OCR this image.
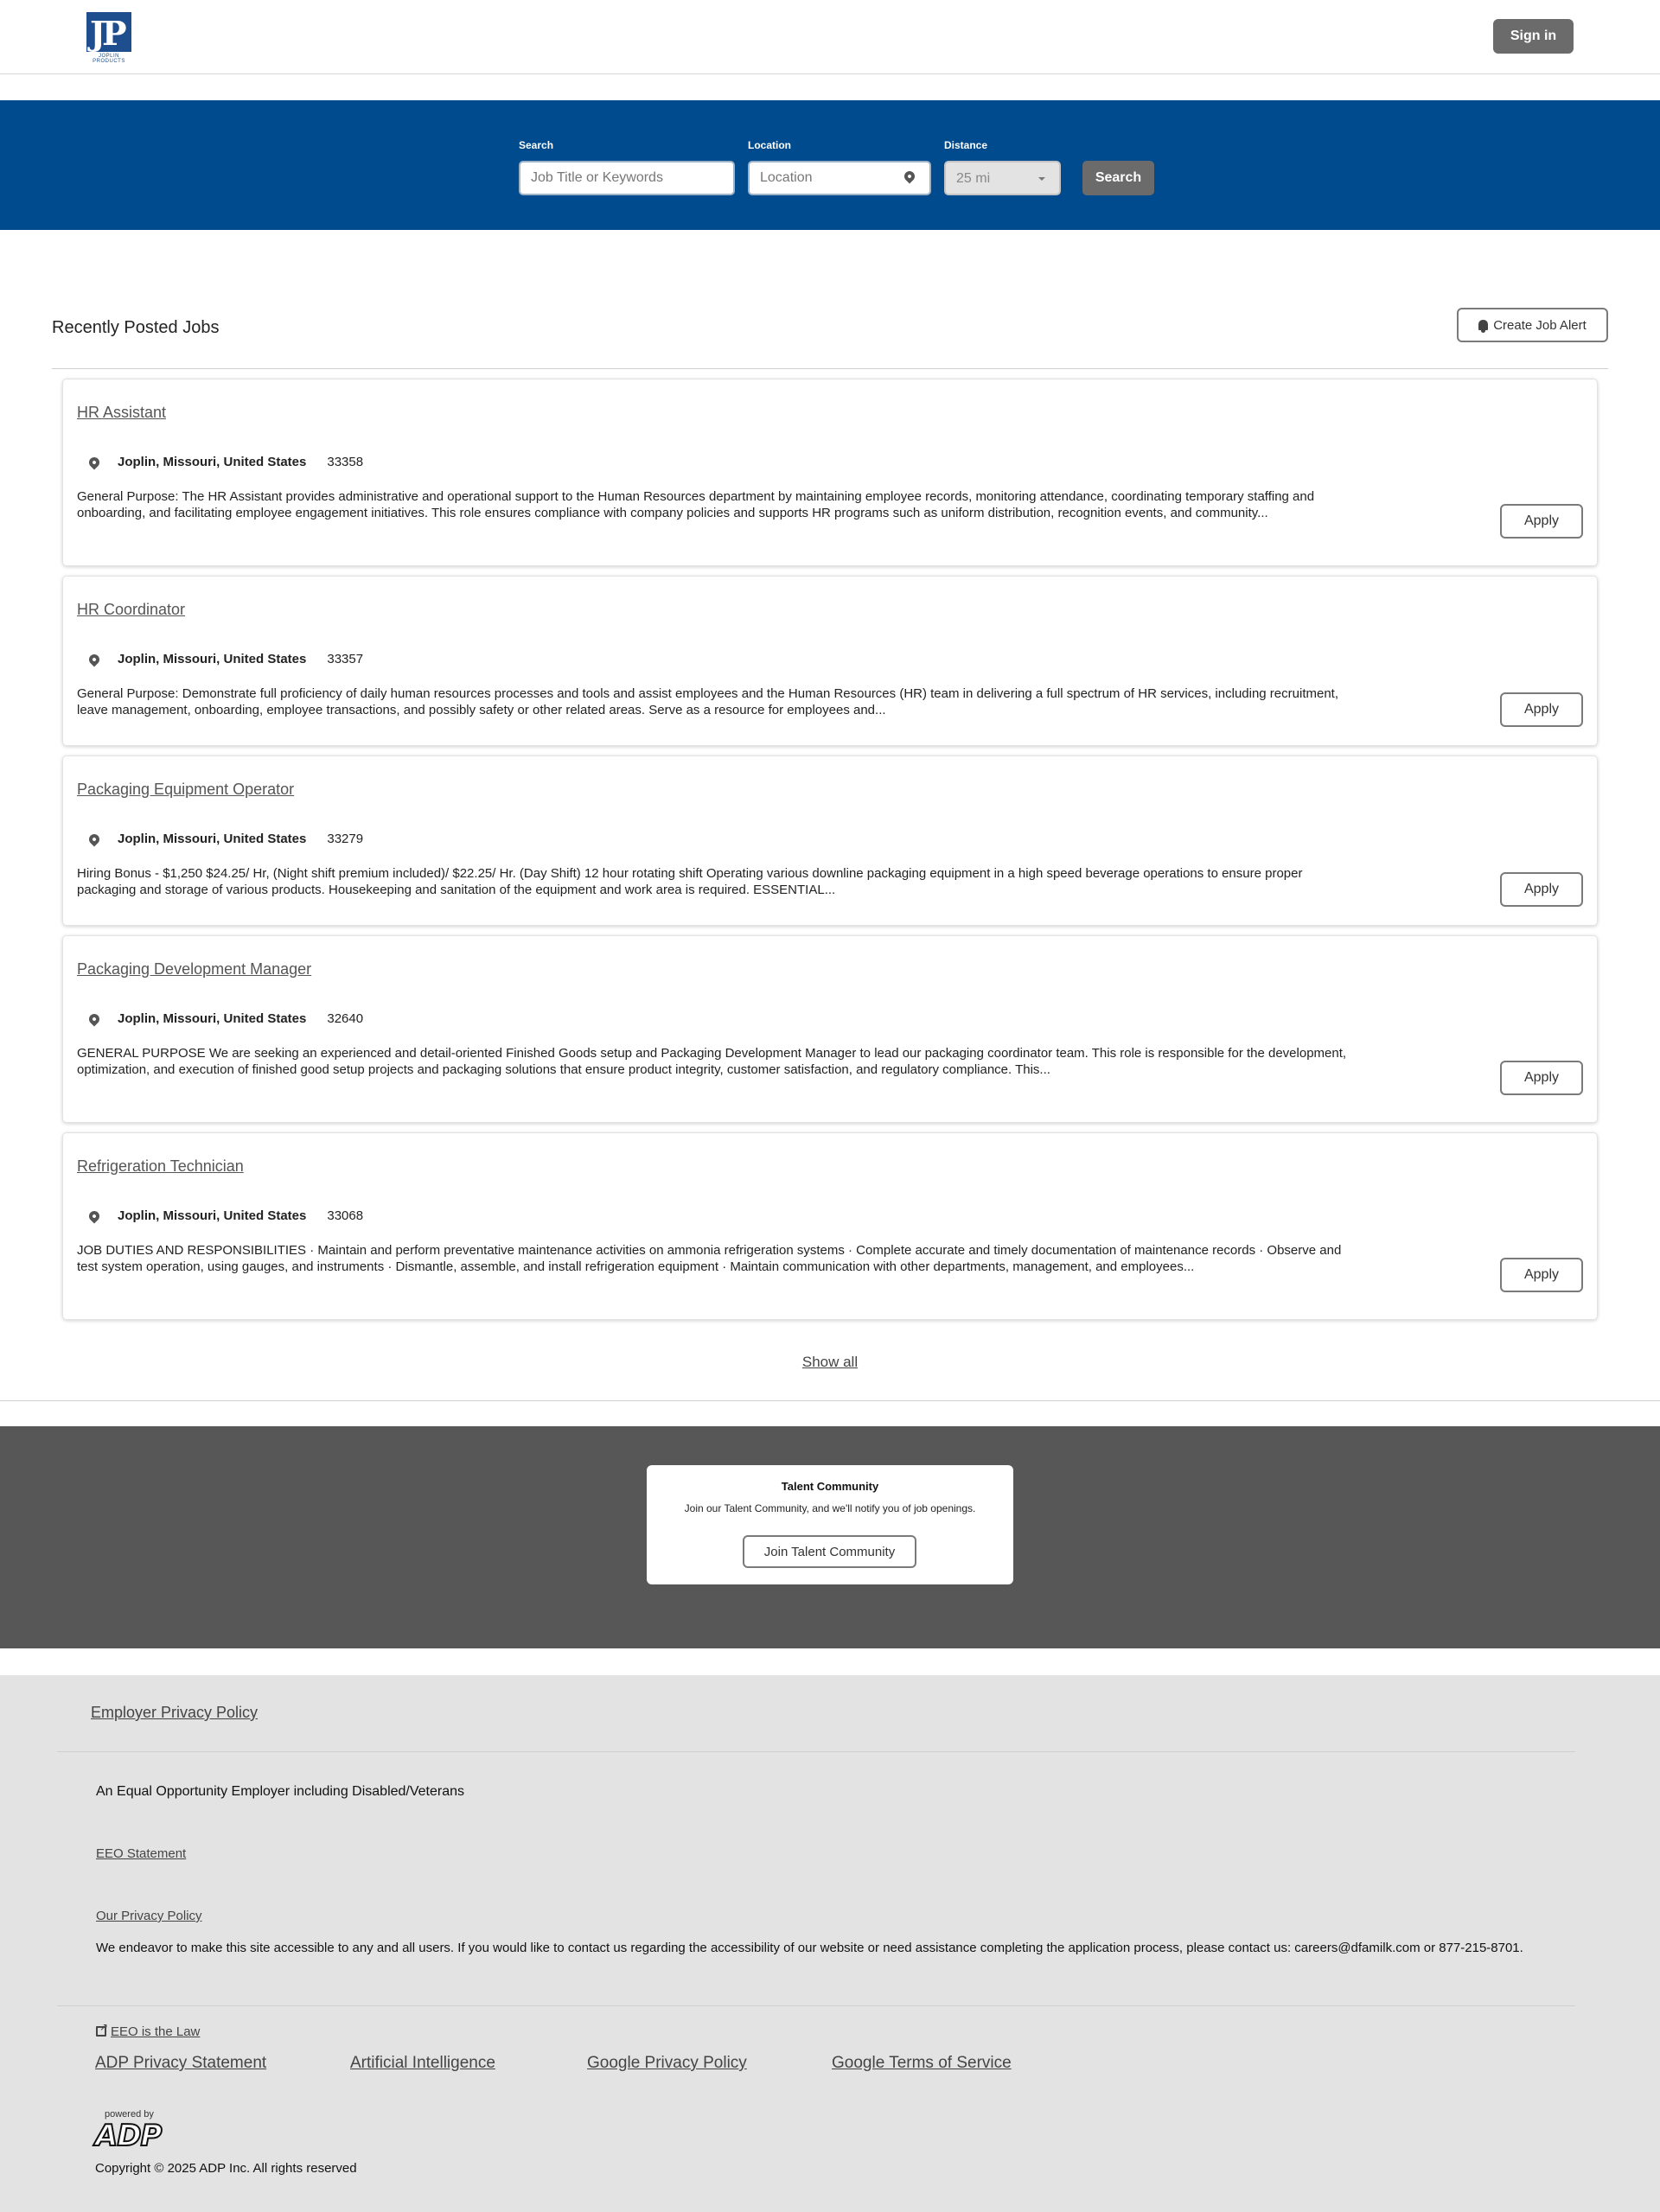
JP
JOPLIN PRODUCTS
Sign in
Search
Job Title or Keywords	Location
Location	Distance
25 mi	Search
Recently Posted Jobs	Create Job Alert
HR Assistant
Joplin, Missouri, United States 33358
General Purpose: The HR Assistant provides administrative and operational support to the Human Resources department by maintaining employee records, monitoring attendance, coordinating temporary staffing and onboarding, and facilitating employee engagement initiatives. This role ensures compliance with company policies and supports HR programs such as uniform distribution, recognition events, and community...
Apply
HR Coordinator
Joplin, Missouri, United States 33357
General Purpose: Demonstrate full proficiency of daily human resources processes and tools and assist employees and the Human Resources (HR) team in delivering a full spectrum of HR services, including recruitment, leave management, onboarding, employee transactions, and possibly safety or other related areas. Serve as a resource for employees and...	Apply
Packaging Equipment Operator
Joplin, Missouri, United States 33279
Hiring Bonus - $1,250 $24.25/ Hr, (Night shift premium included)/ $22.25/ Hr. (Day Shift) 12 hour rotating shift Operating various downline packaging equipment in a high speed beverage operations to ensure proper packaging and storage of various products. Housekeeping and sanitation of the equipment and work area is required. ESSENTIAL...	Apply
Packaging Development Manager
Joplin, Missouri, United States 32640
GENERAL PURPOSE We are seeking an experienced and detail-oriented Finished Goods setup and Packaging Development Manager to lead our packaging coordinator team. This role is responsible for the development, optimization, and execution of finished good setup projects and packaging solutions that ensure product integrity, customer satisfaction, and regulatory compliance. This...
Apply
Refrigeration Technician
Joplin, Missouri, United States 33068
JOB DUTIES AND RESPONSIBILITIES · Maintain and perform preventative maintenance activities on ammonia refrigeration systems · Complete accurate and timely documentation of maintenance records · Observe and test system operation, using gauges, and instruments · Dismantle, assemble, and install refrigeration equipment · Maintain communication with other departments, management, and employees...
Apply
Show all
Talent Community
Join our Talent Community, and we'll notify you of job openings.
Join Talent Community
Employer Privacy Policy
An Equal Opportunity Employer including Disabled/Veterans
EEO Statement
Our Privacy Policy
We endeavor to make this site accessible to any and all users. If you would like to contact us regarding the accessibility of our website or need assistance completing the application process, please contact us: careers@dfamilk.com or 877-215-8701.
↗EEO is the Law
ADP Privacy Statement	Artificial Intelligence	Google Privacy Policy	Google Terms of Service
powered by
ADP
Copyright © 2025 ADP Inc. All rights reserved
